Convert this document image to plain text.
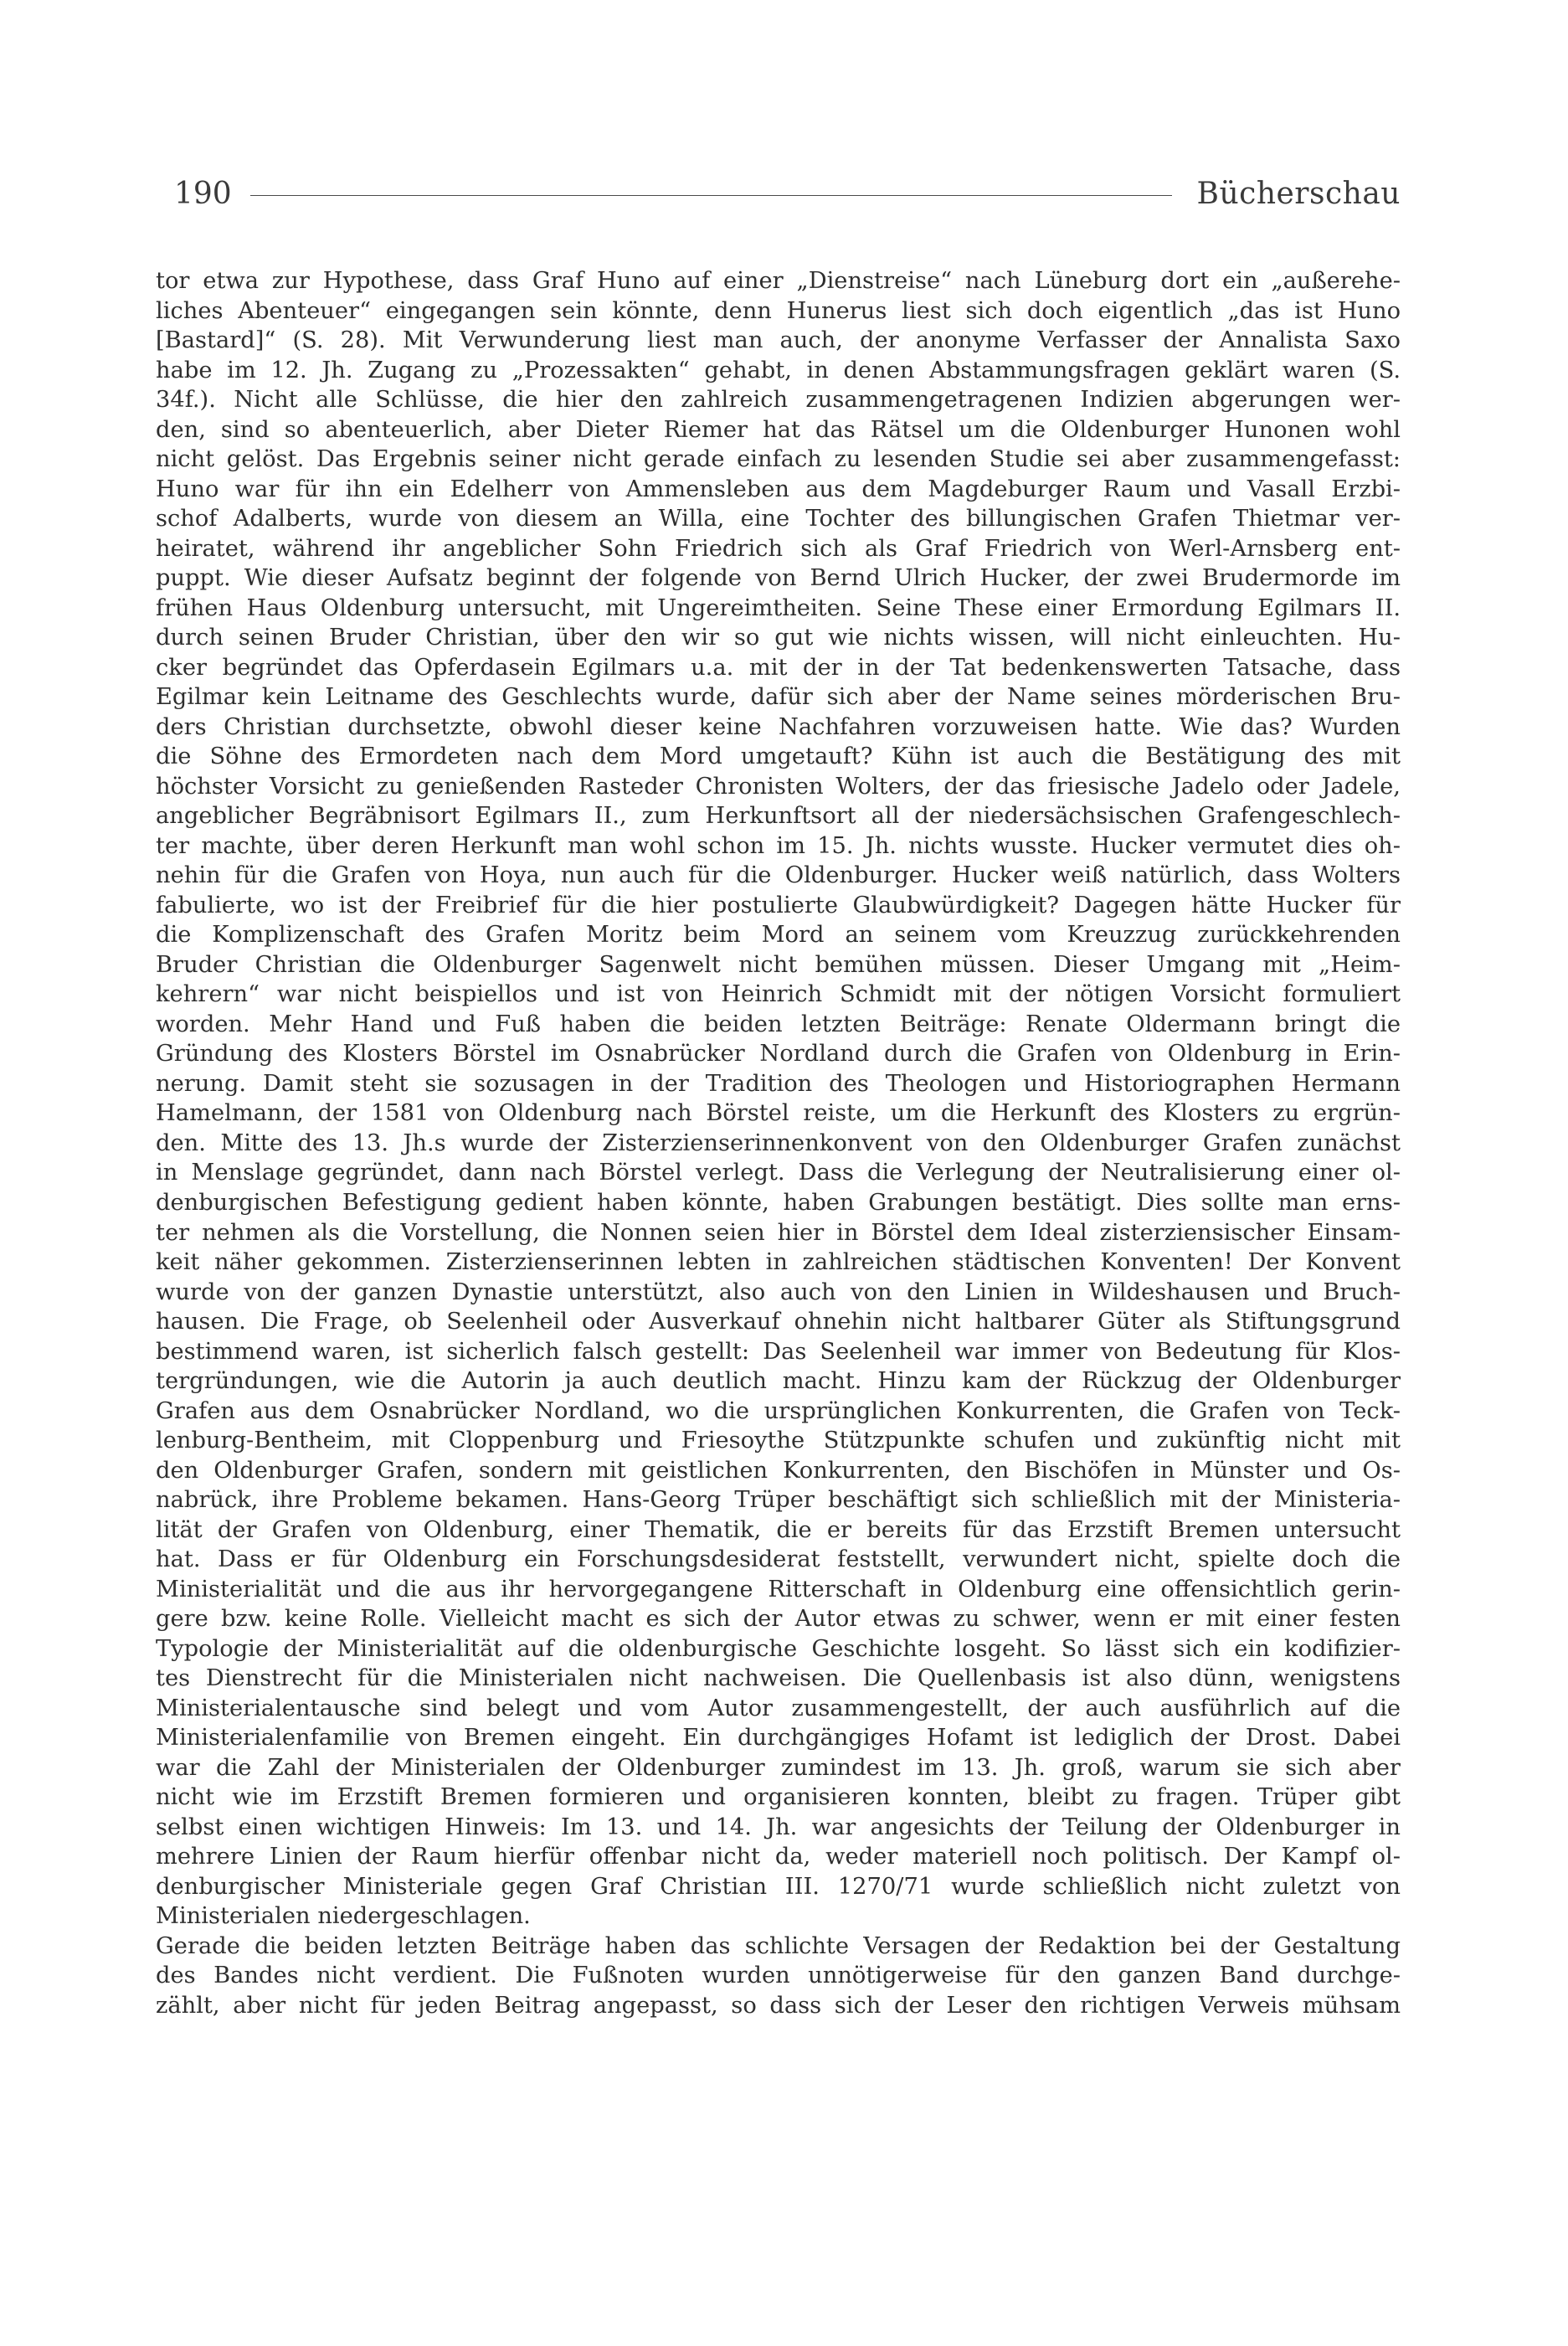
190	Bücherschau
tor etwa zur Hypothese, dass Graf Huno auf einer „Dienstreise“ nach Lüneburg dort ein „außerehe-
liches Abenteuer“ eingegangen sein könnte, denn Hunerus liest sich doch eigentlich „das ist Huno
[Bastard]“ (S. 28). Mit Verwunderung liest man auch, der anonyme Verfasser der Annalista Saxo
habe im 12. Jh. Zugang zu „Prozessakten“ gehabt, in denen Abstammungsfragen geklärt waren (S.
34f.). Nicht alle Schlüsse, die hier den zahlreich zusammengetragenen Indizien abgerungen wer-
den, sind so abenteuerlich, aber Dieter Riemer hat das Rätsel um die Oldenburger Hunonen wohl
nicht gelöst. Das Ergebnis seiner nicht gerade einfach zu lesenden Studie sei aber zusammengefasst:
Huno war für ihn ein Edelherr von Ammensleben aus dem Magdeburger Raum und Vasall Erzbi-
schof Adalberts, wurde von diesem an Willa, eine Tochter des billungischen Grafen Thietmar ver-
heiratet, während ihr angeblicher Sohn Friedrich sich als Graf Friedrich von Werl-Arnsberg ent-
puppt. Wie dieser Aufsatz beginnt der folgende von Bernd Ulrich Hucker, der zwei Brudermorde im
frühen Haus Oldenburg untersucht, mit Ungereimtheiten. Seine These einer Ermordung Egilmars II.
durch seinen Bruder Christian, über den wir so gut wie nichts wissen, will nicht einleuchten. Hu-
cker begründet das Opferdasein Egilmars u.a. mit der in der Tat bedenkenswerten Tatsache, dass
Egilmar kein Leitname des Geschlechts wurde, dafür sich aber der Name seines mörderischen Bru-
ders Christian durchsetzte, obwohl dieser keine Nachfahren vorzuweisen hatte. Wie das? Wurden
die Söhne des Ermordeten nach dem Mord umgetauft? Kühn ist auch die Bestätigung des mit
höchster Vorsicht zu genießenden Rasteder Chronisten Wolters, der das friesische Jadelo oder Jadele,
angeblicher Begräbnisort Egilmars II., zum Herkunftsort all der niedersächsischen Grafengeschlech-
ter machte, über deren Herkunft man wohl schon im 15. Jh. nichts wusste. Hucker vermutet dies oh-
nehin für die Grafen von Hoya, nun auch für die Oldenburger. Hucker weiß natürlich, dass Wolters
fabulierte, wo ist der Freibrief für die hier postulierte Glaubwürdigkeit? Dagegen hätte Hucker für
die Komplizenschaft des Grafen Moritz beim Mord an seinem vom Kreuzzug zurückkehrenden
Bruder Christian die Oldenburger Sagenwelt nicht bemühen müssen. Dieser Umgang mit „Heim-
kehrern“ war nicht beispiellos und ist von Heinrich Schmidt mit der nötigen Vorsicht formuliert
worden. Mehr Hand und Fuß haben die beiden letzten Beiträge: Renate Oldermann bringt die
Gründung des Klosters Börstel im Osnabrücker Nordland durch die Grafen von Oldenburg in Erin-
nerung. Damit steht sie sozusagen in der Tradition des Theologen und Historiographen Hermann
Hamelmann, der 1581 von Oldenburg nach Börstel reiste, um die Herkunft des Klosters zu ergrün-
den. Mitte des 13. Jh.s wurde der Zisterzienserinnenkonvent von den Oldenburger Grafen zunächst
in Menslage gegründet, dann nach Börstel verlegt. Dass die Verlegung der Neutralisierung einer ol-
denburgischen Befestigung gedient haben könnte, haben Grabungen bestätigt. Dies sollte man erns-
ter nehmen als die Vorstellung, die Nonnen seien hier in Börstel dem Ideal zisterziensischer Einsam-
keit näher gekommen. Zisterzienserinnen lebten in zahlreichen städtischen Konventen! Der Konvent
wurde von der ganzen Dynastie unterstützt, also auch von den Linien in Wildeshausen und Bruch-
hausen. Die Frage, ob Seelenheil oder Ausverkauf ohnehin nicht haltbarer Güter als Stiftungsgrund
bestimmend waren, ist sicherlich falsch gestellt: Das Seelenheil war immer von Bedeutung für Klos-
tergründungen, wie die Autorin ja auch deutlich macht. Hinzu kam der Rückzug der Oldenburger
Grafen aus dem Osnabrücker Nordland, wo die ursprünglichen Konkurrenten, die Grafen von Teck-
lenburg-Bentheim, mit Cloppenburg und Friesoythe Stützpunkte schufen und zukünftig nicht mit
den Oldenburger Grafen, sondern mit geistlichen Konkurrenten, den Bischöfen in Münster und Os-
nabrück, ihre Probleme bekamen. Hans-Georg Trüper beschäftigt sich schließlich mit der Ministeria-
lität der Grafen von Oldenburg, einer Thematik, die er bereits für das Erzstift Bremen untersucht
hat. Dass er für Oldenburg ein Forschungsdesiderat feststellt, verwundert nicht, spielte doch die
Ministerialität und die aus ihr hervorgegangene Ritterschaft in Oldenburg eine offensichtlich gerin-
gere bzw. keine Rolle. Vielleicht macht es sich der Autor etwas zu schwer, wenn er mit einer festen
Typologie der Ministerialität auf die oldenburgische Geschichte losgeht. So lässt sich ein kodifizier-
tes Dienstrecht für die Ministerialen nicht nachweisen. Die Quellenbasis ist also dünn, wenigstens
Ministerialentausche sind belegt und vom Autor zusammengestellt, der auch ausführlich auf die
Ministerialenfamilie von Bremen eingeht. Ein durchgängiges Hofamt ist lediglich der Drost. Dabei
war die Zahl der Ministerialen der Oldenburger zumindest im 13. Jh. groß, warum sie sich aber
nicht wie im Erzstift Bremen formieren und organisieren konnten, bleibt zu fragen. Trüper gibt
selbst einen wichtigen Hinweis: Im 13. und 14. Jh. war angesichts der Teilung der Oldenburger in
mehrere Linien der Raum hierfür offenbar nicht da, weder materiell noch politisch. Der Kampf ol-
denburgischer Ministeriale gegen Graf Christian III. 1270/71 wurde schließlich nicht zuletzt von
Ministerialen niedergeschlagen.
Gerade die beiden letzten Beiträge haben das schlichte Versagen der Redaktion bei der Gestaltung
des Bandes nicht verdient. Die Fußnoten wurden unnötigerweise für den ganzen Band durchge-
zählt, aber nicht für jeden Beitrag angepasst, so dass sich der Leser den richtigen Verweis mühsam
